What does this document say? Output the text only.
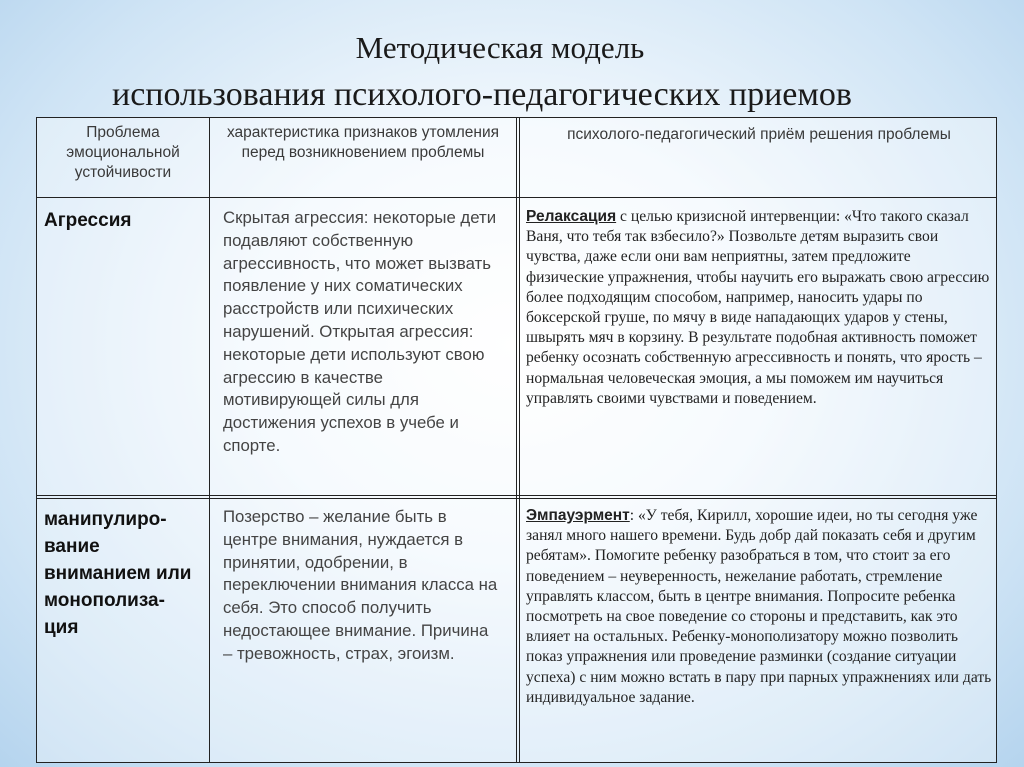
Методическая модель
использования психолого-педагогических приемов
Проблема эмоциональной устойчивости
характеристика признаков утомления перед возникновением проблемы
психолого-педагогический приём решения проблемы
Агрессия	Скрытая агрессия: некоторые дети подавляют собственную агрессивность, что может вызвать появление у них соматических расстройств или психических нарушений. Открытая агрессия: некоторые дети используют свою агрессию в качестве мотивирующей силы для достижения успехов в учебе и спорте.
Релаксация с целью кризисной интервенции: «Что такого сказал Ваня, что тебя так взбесило?» Позвольте детям выразить свои чувства, даже если они вам неприятны, затем предложите физические упражнения, чтобы научить его выражать свою агрессию более подходящим способом, например, наносить удары по боксерской груше, по мячу в виде нападающих ударов у стены, швырять мяч в корзину. В результате подобная активность поможет ребенку осознать собственную агрессивность и понять, что ярость – нормальная человеческая эмоция, а мы поможем им научиться управлять своими чувствами и поведением.
манипулиро-вание вниманием или монополиза-ция
Позерство – желание быть в центре внимания, нуждается в принятии, одобрении, в переключении внимания класса на себя. Это способ получить недостающее внимание. Причина – тревожность, страх, эгоизм.
Эмпауэрмент: «У тебя, Кирилл, хорошие идеи, но ты сегодня уже занял много нашего времени. Будь добр дай показать себя и другим ребятам». Помогите ребенку разобраться в том, что стоит за его поведением – неуверенность, нежелание работать, стремление управлять классом, быть в центре внимания. Попросите ребенка посмотреть на свое поведение со стороны и представить, как это влияет на остальных. Ребенку-монополизатору можно позволить показ упражнения или проведение разминки (создание ситуации успеха) с ним можно встать в пару при парных упражнениях или дать индивидуальное задание.
